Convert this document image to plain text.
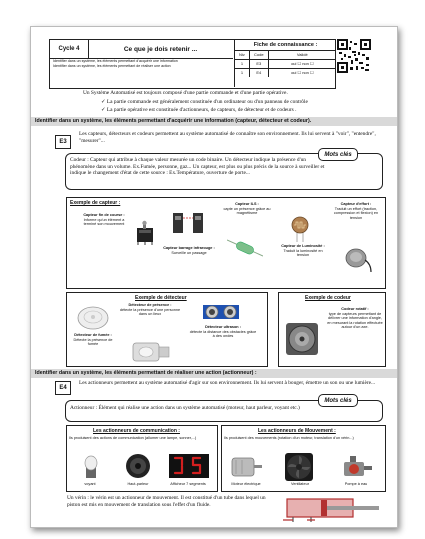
Cycle 4	Ce que je dois retenir ...
Fiche de connaissance :
Niv	Code	Validé
1	E3	oui ☐ non ☐
1	E4	oui ☐ non ☐
Identifier dans un système, les éléments permettant d'acquérir une information
Identifier dans un système, les éléments permettant de réaliser une action
Un Système Automatisé est toujours composé d'une partie commande et d'une partie opérative.
✓ La partie commande est généralement constituée d'un ordinateur ou d'un panneau de contrôle
✓ La partie opérative est constituée d'actionneurs, de capteurs, de détecteur et de codeurs .
Identifier dans un système, les éléments permettant d'acquérir une information (capteur, détecteur et codeur).
E3
Les capteurs, détecteurs et codeurs permettent au système automatisé de connaître son environnement. Ils lui servent à "voir", "entendre", "mesurer"...
Codeur : Capteur qui attribue à chaque valeur mesurée un code binaire. Un détecteur indique la présence d'un phénomène dans un volume. Ex.Fumée, personne, gaz... Un capteur, est plus ou plus précis de la source à surveiller et indique le changement d'état de cette source : Ex.Température, ouverture de porte...
Mots clés
Exemple de capteur :
Capteur fin de course :
Informe qu'un élément a terminé son mouvement
Capteur barrage infrarouge :
Surveille un passage
Capteur ILS :
capte un présence grâce au magnétisme
Capteur de Luminosité :
Traduit la luminosité en tension
Capteur d'effort :
Traduit un effort (traction, compression et flexion) en tension
Exemple de détecteur
Détecteur de fumée :
Détecte la présence de fumée
Détecteur de présence :
détecte la présence d'une personne dans un lieux
Détecteur ultrason :
détecte la distance des obstacles grâce à des ondes
Exemple de codeur
Codeur rotatif :
type de capteurs permettant de délivrer une information d'angle, en mesurant la rotation effectuée autour d'un axe.
Identifier dans un système, les éléments permettant de réaliser une action (actionneur) :
E4
Les actionneurs permettent au système automatisé d'agir sur son environnement. Ils lui servent à bouger, émettre un son ou une lumière...
Actionneur : Élément qui réalise une action dans un système automatisé (moteur, haut parleur, voyant etc.)
Mots clés
Les actionneurs de communication :
Ils produisent des actions de communication (allumer une lampe, sonner,...)
voyant	Haut-parleur	Afficheur 7 segments
Les actionneurs de Mouvement :
Ils produisent des mouvements (rotation d'un moteur, translation d'un vérin...)
Moteur électrique	Ventilateur	Pompe à eau
Un vérin : le vérin est un actionneur de mouvement. Il est constitué d'un tube dans lequel un piston est mis en mouvement de translation sous l'effet d'un fluide.
